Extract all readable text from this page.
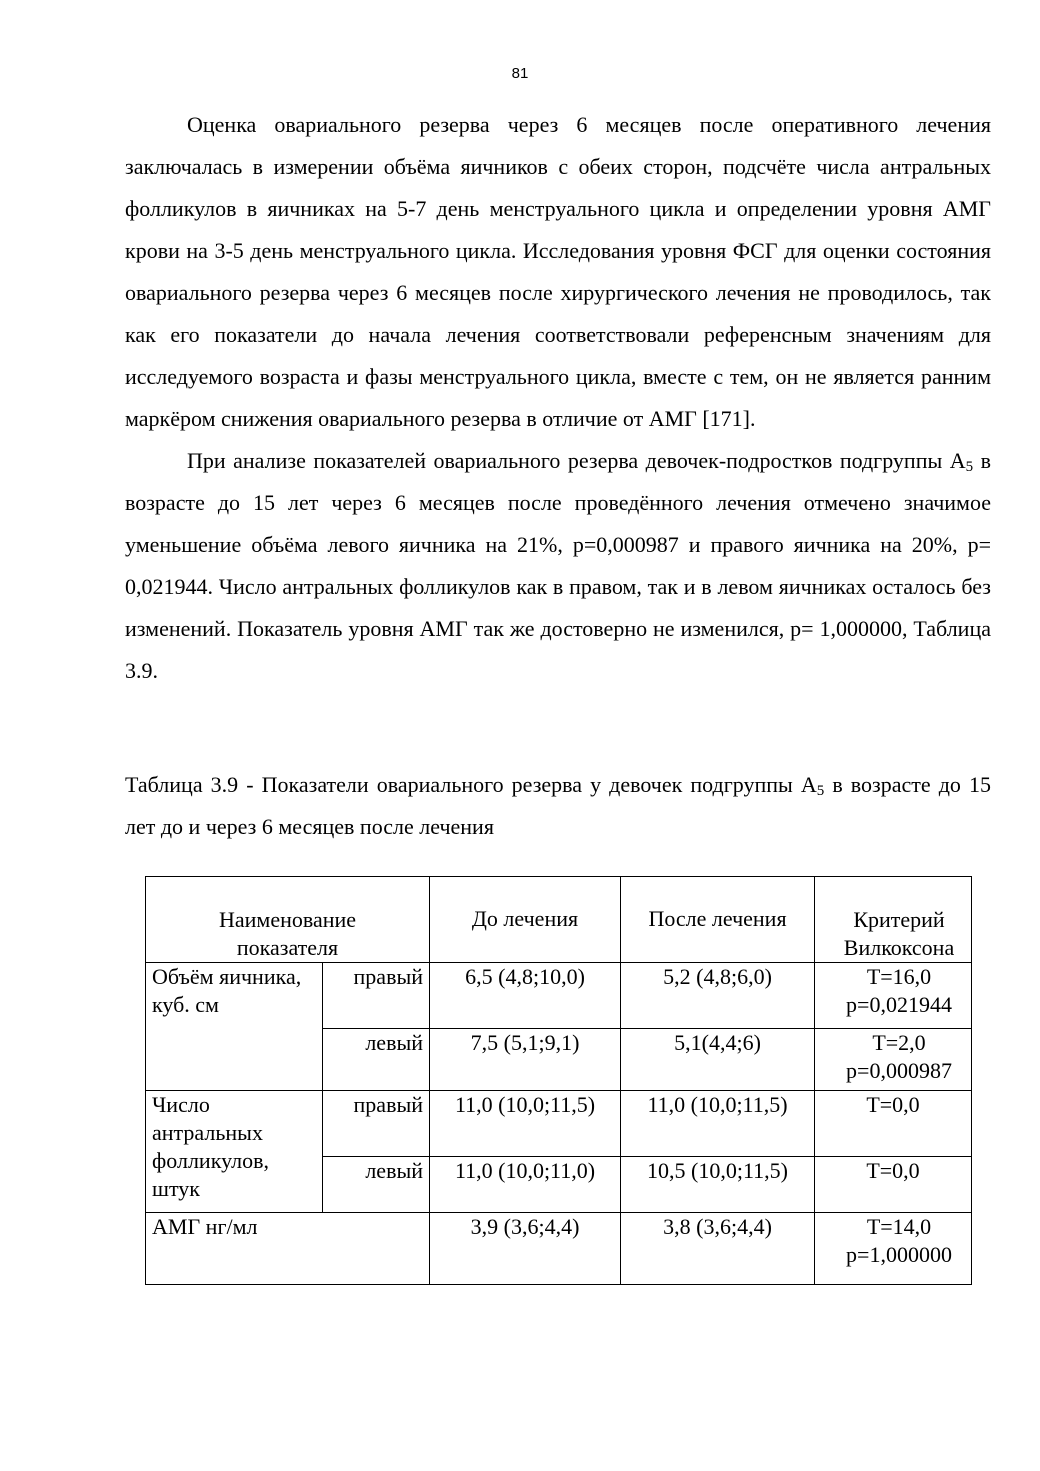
81

Оценка овариального резерва через 6 месяцев после оперативного лечения заключалась в измерении объёма яичников с обеих сторон, подсчёте числа антральных фолликулов в яичниках на 5-7 день менструального цикла и определении уровня АМГ крови на 3-5 день менструального цикла. Исследования уровня ФСГ для оценки состояния овариального резерва через 6 месяцев после хирургического лечения не проводилось, так как его показатели до начала лечения соответствовали референсным значениям для исследуемого возраста и фазы менструального цикла, вместе с тем, он не является ранним маркёром снижения овариального резерва в отличие от АМГ [171].

При анализе показателей овариального резерва девочек-подростков подгруппы $А_5$ в возрасте до 15 лет через 6 месяцев после проведённого лечения отмечено значимое уменьшение объёма левого яичника на 21%, p=0,000987 и правого яичника на 20%, p= 0,021944. Число антральных фолликулов как в правом, так и в левом яичниках осталось без изменений. Показатель уровня АМГ так же достоверно не изменился, p= 1,000000, Таблица 3.9.

Таблица 3.9 - Показатели овариального резерва у девочек подгруппы $А_5$ в возрасте до 15 лет до и через 6 месяцев после лечения

Наименование показателя		До лечения	После лечения	Критерий Вилкоксона
Объём яичника, куб. см	правый	6,5 (4,8;10,0)	5,2 (4,8;6,0)	Т=16,0 p=0,021944
	левый	7,5 (5,1;9,1)	5,1(4,4;6)	Т=2,0 p=0,000987
Число антральных фолликулов, штук	правый	11,0 (10,0;11,5)	11,0 (10,0;11,5)	Т=0,0
	левый	11,0 (10,0;11,0)	10,5 (10,0;11,5)	Т=0,0
АМГ нг/мл		3,9 (3,6;4,4)	3,8 (3,6;4,4)	Т=14,0 p=1,000000
